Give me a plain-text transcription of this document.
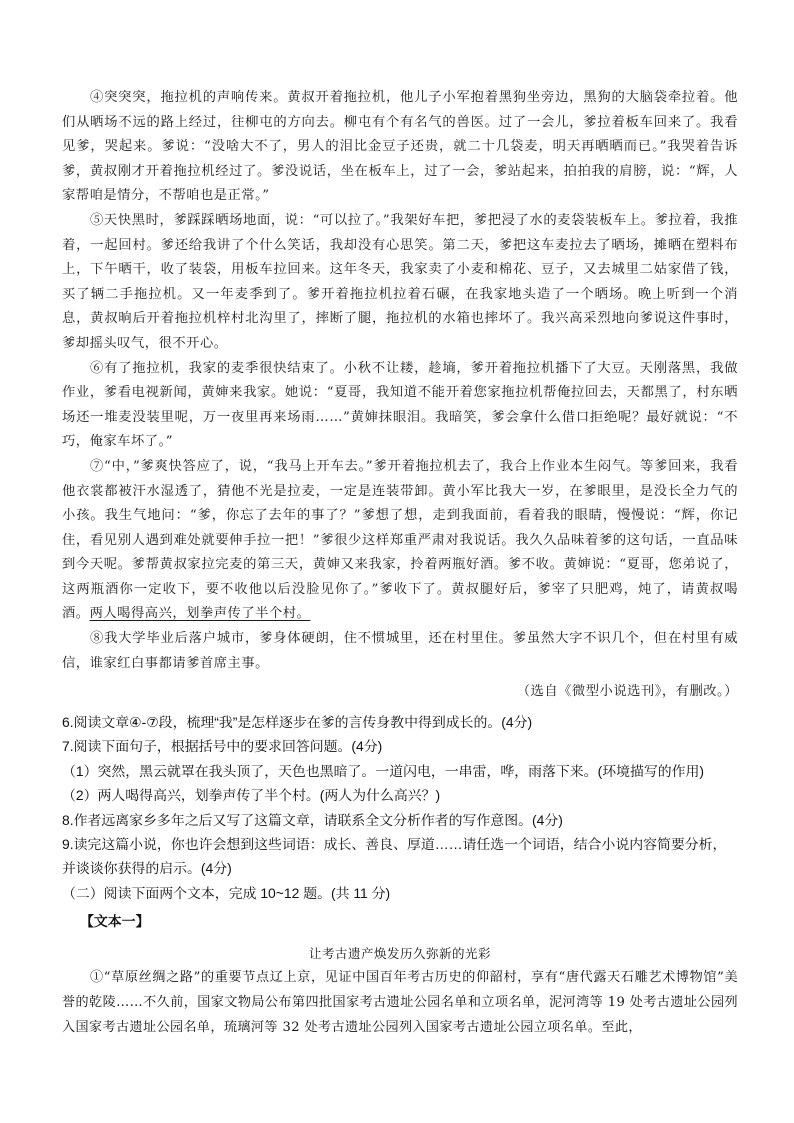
④突突突，拖拉机的声响传来。黄叔开着拖拉机，他儿子小军抱着黑狗坐旁边，黑狗的大脑袋牵拉着。他们从晒场不远的路上经过，往柳屯的方向去。柳屯有个有名气的兽医。过了一会儿，爹拉着板车回来了。我看见爹，哭起来。爹说：“没啥大不了，男人的泪比金豆子还贵，就二十几袋麦，明天再晒晒而已。”我哭着告诉爹，黄叔刚才开着拖拉机经过了。爹没说话，坐在板车上，过了一会，爹站起来，拍拍我的肩膀，说：“辉，人家帮咱是情分，不帮咱也是正常。”

⑤天快黑时，爹踩踩晒场地面，说：“可以拉了。”我架好车把，爹把浸了水的麦袋装板车上。爹拉着，我推着，一起回村。爹还给我讲了个什么笑话，我却没有心思笑。第二天，爹把这车麦拉去了晒场，摊晒在塑料布上，下午晒干，收了装袋，用板车拉回来。这年冬天，我家卖了小麦和棉花、豆子，又去城里二姑家借了钱，买了辆二手拖拉机。又一年麦季到了。爹开着拖拉机拉着石碾，在我家地头造了一个晒场。晚上听到一个消息，黄叔晌后开着拖拉机梓村北沟里了，摔断了腿，拖拉机的水箱也摔坏了。我兴高采烈地向爹说这件事时，爹却摇头叹气，很不开心。

⑥有了拖拉机，我家的麦季很快结束了。小秋不让耧，趁墒，爹开着拖拉机播下了大豆。天刚落黑，我做作业，爹看电视新闻，黄婶来我家。她说：“夏哥，我知道不能开着您家拖拉机帮俺拉回去，天都黑了，村东晒场还一堆麦没装里呢，万一夜里再来场雨……”黄婶抹眼泪。我暗笑，爹会拿什么借口拒绝呢？最好就说：“不巧，俺家车坏了。”

⑦“中，”爹爽快答应了，说，“我马上开车去。”爹开着拖拉机去了，我合上作业本生闷气。等爹回来，我看他衣裳都被汗水湿透了，猜他不光是拉麦，一定是连装带卸。黄小军比我大一岁，在爹眼里，是没长全力气的小孩。我生气地问：“爹，你忘了去年的事了？”爹想了想，走到我面前，看着我的眼睛，慢慢说：“辉，你记住，看见别人遇到难处就要伸手拉一把！”爹很少这样郑重严肃对我说话。我久久品味着爹的这句话，一直品味到今天呢。爹帮黄叔家拉完麦的第三天，黄婶又来我家，拎着两瓶好酒。爹不收。黄婶说：“夏哥，您弟说了，这两瓶酒你一定收下，要不收他以后没脸见你了。”爹收下了。黄叔腿好后，爹宰了只肥鸡，炖了，请黄叔喝酒。两人喝得高兴，划拳声传了半个村。

⑧我大学毕业后落户城市，爹身体硬朗，住不惯城里，还在村里住。爹虽然大字不识几个，但在村里有威信，谁家红白事都请爹首席主事。

（选自《微型小说选刊》，有删改。）

6.阅读文章④-⑦段，梳理“我”是怎样逐步在爹的言传身教中得到成长的。(4分)

7.阅读下面句子，根据括号中的要求回答问题。(4分)

（1）突然，黑云就罩在我头顶了，天色也黑暗了。一道闪电，一串雷，哗，雨落下来。(环境描写的作用)

（2）两人喝得高兴，划拳声传了半个村。(两人为什么高兴？)

8.作者远离家乡多年之后又写了这篇文章，请联系全文分析作者的写作意图。(4分)

9.读完这篇小说，你也许会想到这些词语：成长、善良、厚道……请任选一个词语，结合小说内容简要分析，并谈谈你获得的启示。(4分)

（二）阅读下面两个文本，完成 10~12 题。(共 11 分)

【文本一】

让考古遗产焕发历久弥新的光彩

①“草原丝绸之路”的重要节点辽上京，见证中国百年考古历史的仰韶村，享有“唐代露天石雕艺术博物馆”美誉的乾陵……不久前，国家文物局公布第四批国家考古遗址公园名单和立项名单，泥河湾等 19 处考古遗址公园列入国家考古遗址公园名单，琉璃河等 32 处考古遗址公园列入国家考古遗址公园立项名单。至此，
